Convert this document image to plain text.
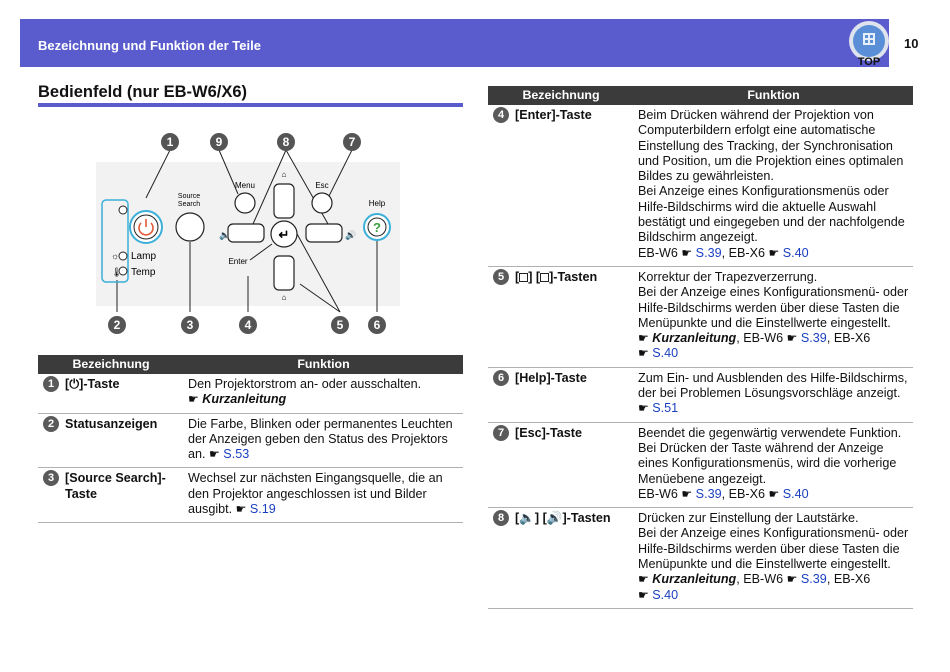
Bezeichnung und Funktion der Teile
TOP
10
Bedienfeld (nur EB-W6/X6)
☼
🌡
Lamp
Temp
Source
Search
Menu	Esc
Help
?
⌂
⌂
🔈	🔊
↵
Enter
1	9	8	7
2	3	4	5	6
Bezeichnung		Funktion
1	[⏻]-Taste	Den Projektorstrom an- oder ausschalten.
☛ Kurzanleitung
2	Statusanzeigen	Die Farbe, Blinken oder permanentes Leuchten der Anzeigen geben den Status des Projektors an. ☛ S.53
3	[Source Search]-Taste	Wechsel zur nächsten Eingangsquelle, die an den Projektor angeschlossen ist und Bilder ausgibt. ☛ S.19
Bezeichnung		Funktion
4	[Enter]-Taste	Beim Drücken während der Projektion von Computerbildern erfolgt eine automatische Einstellung des Tracking, der Synchronisation und Position, um die Projektion eines optimalen Bildes zu gewährleisten.
Bei Anzeige eines Konfigurationsmenüs oder Hilfe-Bildschirms wird die aktuelle Auswahl bestätigt und eingegeben und der nachfolgende Bildschirm angezeigt.
EB-W6 ☛ S.39, EB-X6 ☛ S.40
5	[ ] [ ]-Tasten	Korrektur der Trapezverzerrung.
Bei der Anzeige eines Konfigurationsmenü- oder Hilfe-Bildschirms werden über diese Tasten die Menüpunkte und die Einstellwerte eingestellt.
☛ Kurzanleitung, EB-W6 ☛ S.39, EB-X6
☛ S.40
6	[Help]-Taste	Zum Ein- und Ausblenden des Hilfe-Bildschirms, der bei Problemen Lösungsvorschläge anzeigt. ☛ S.51
7	[Esc]-Taste	Beendet die gegenwärtig verwendete Funktion.
Bei Drücken der Taste während der Anzeige eines Konfigurationsmenüs, wird die vorherige Menüebene angezeigt.
EB-W6 ☛ S.39, EB-X6 ☛ S.40
8	[🔈] [🔊]-Tasten	Drücken zur Einstellung der Lautstärke.
Bei der Anzeige eines Konfigurationsmenü- oder Hilfe-Bildschirms werden über diese Tasten die Menüpunkte und die Einstellwerte eingestellt.
☛ Kurzanleitung, EB-W6 ☛ S.39, EB-X6
☛ S.40
